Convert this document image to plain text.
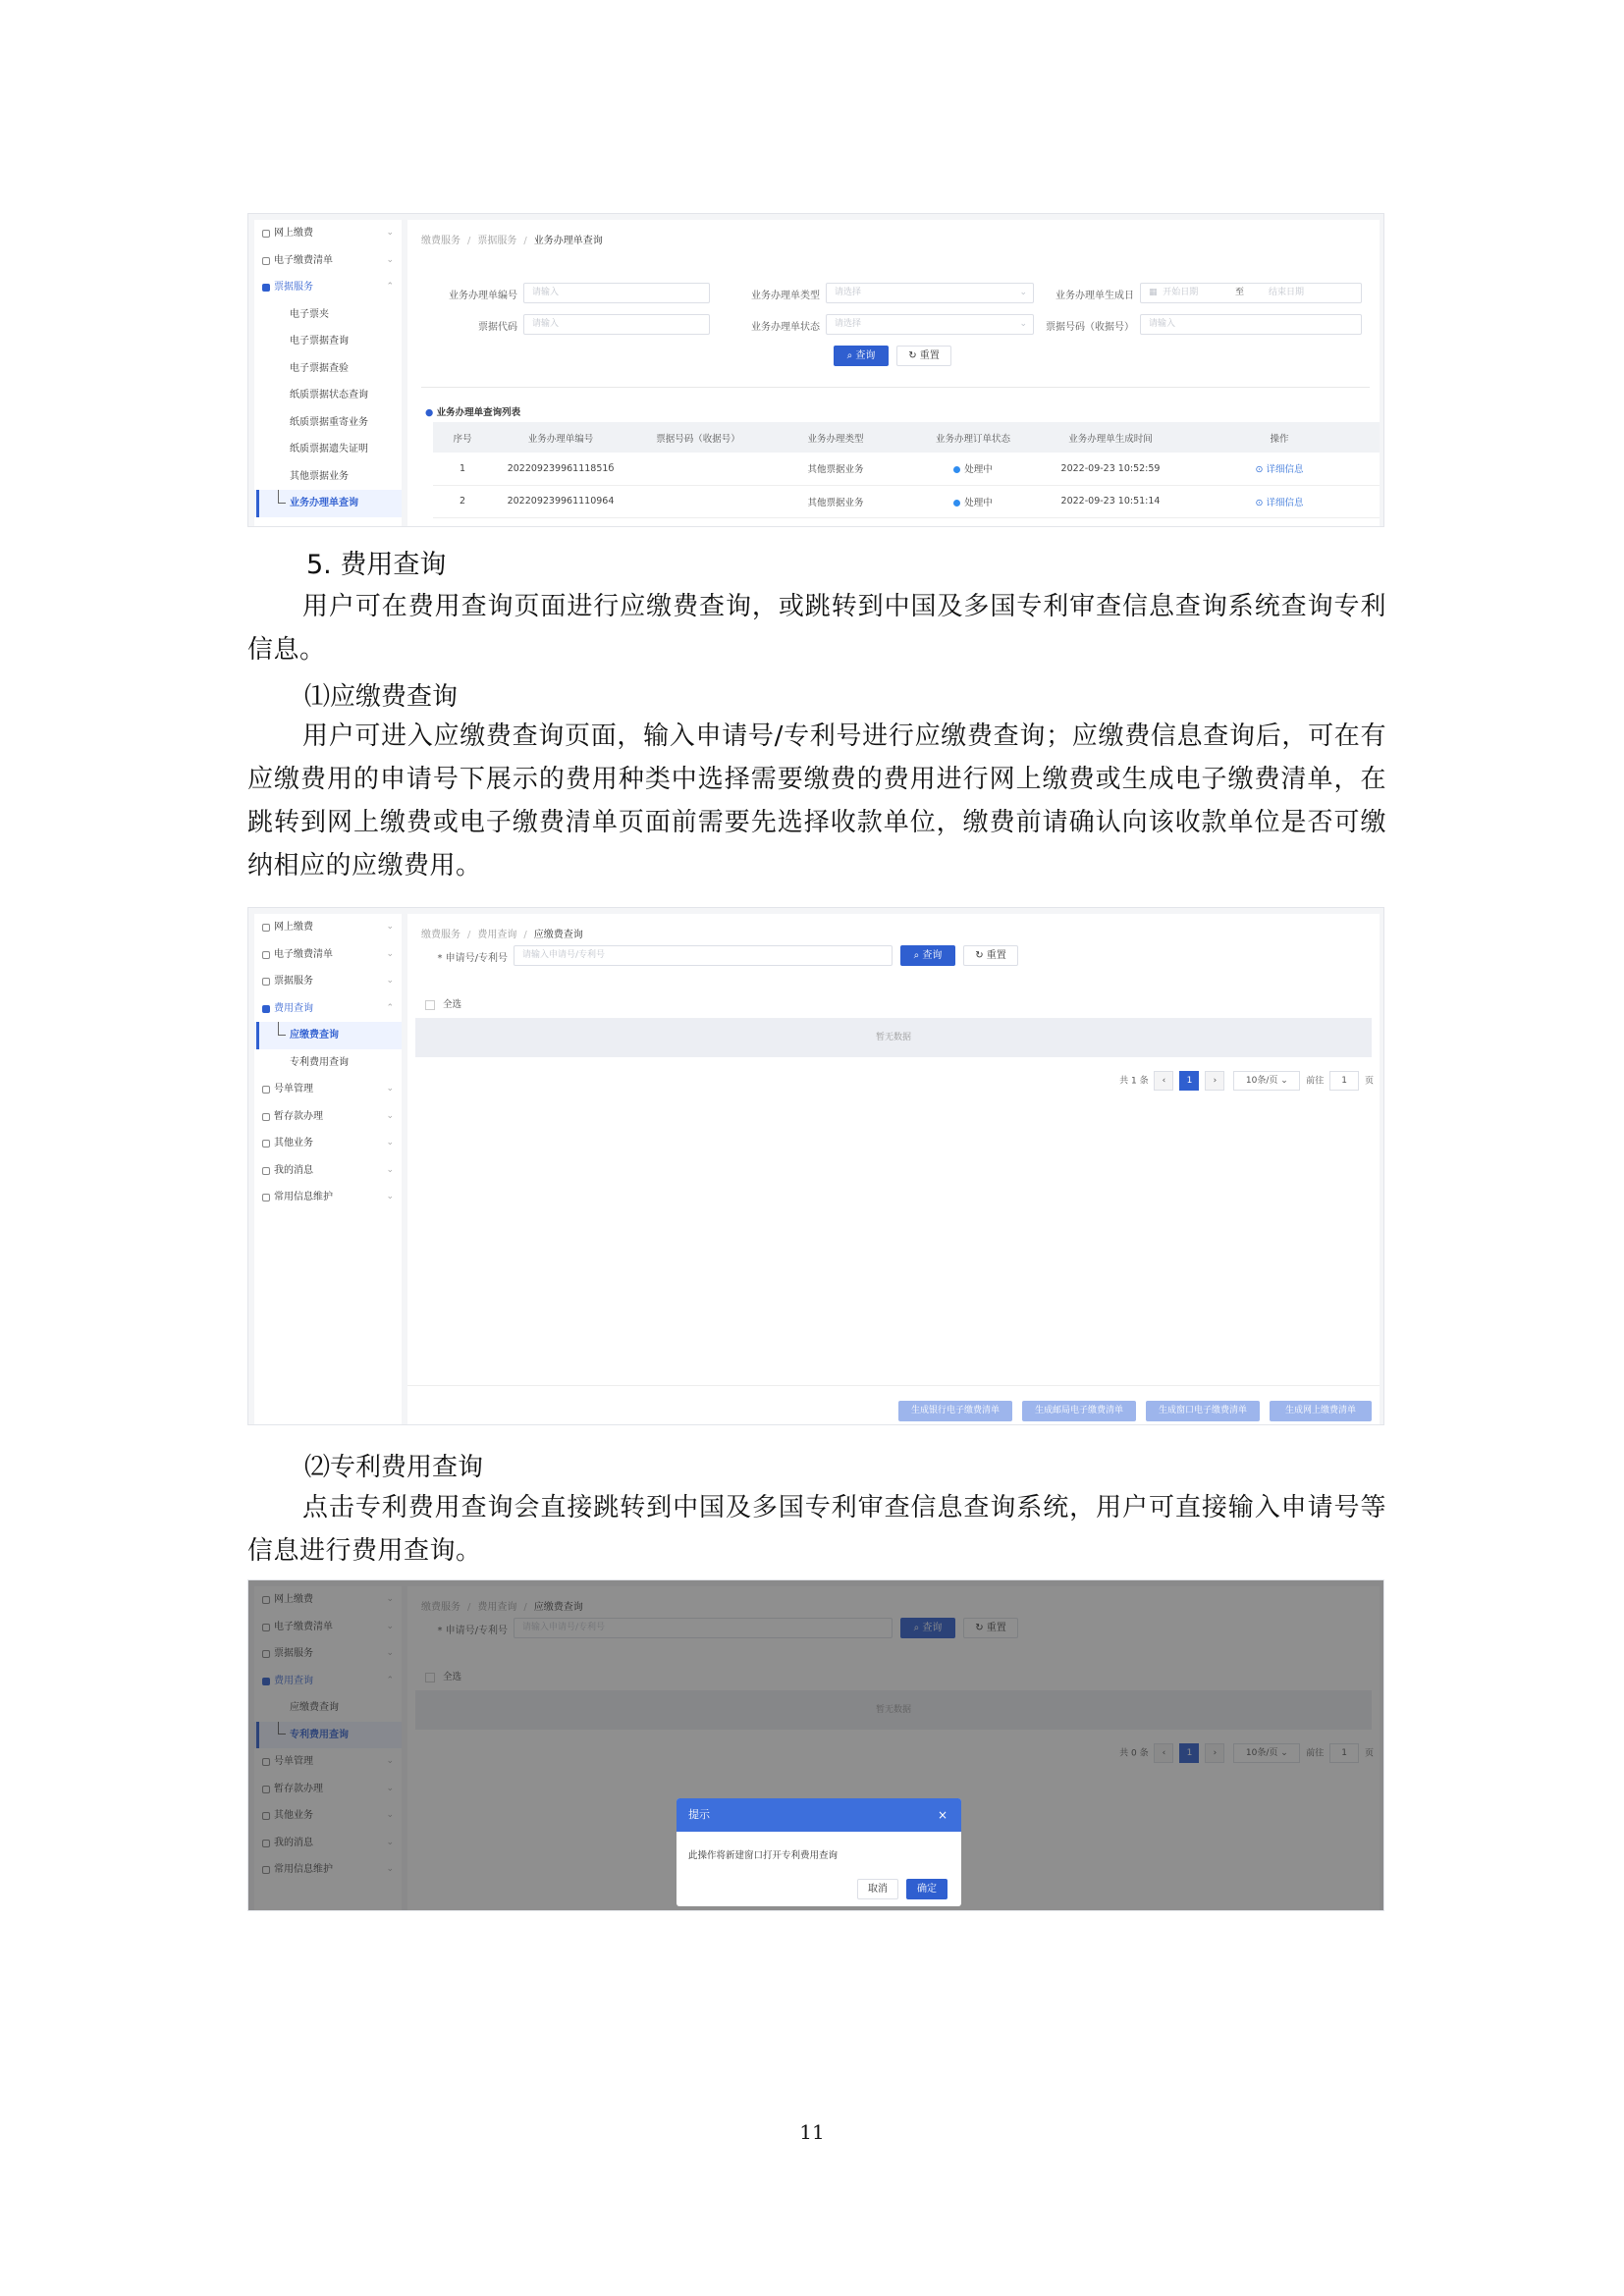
网上缴费	⌄
电子缴费清单	⌄
票据服务	⌃
电子票夹
电子票据查询
电子票据查验
纸质票据状态查询
纸质票据重寄业务
纸质票据遗失证明
其他票据业务
业务办理单查询
缴费服务 / 票据服务 / 业务办理单查询
业务办理单编号	请输入	业务办理单类型	请选择	⌄	业务办理单生成日	▦ 开始日期	至	结束日期
票据代码	请输入	业务办理单状态	请选择	⌄	票据号码（收据号）	请输入
⌕ 查询	↻ 重置
● 业务办理单查询列表
序号	业务办理单编号	票据号码（收据号）	业务办理类型	业务办理订单状态	业务办理单生成时间	操作
1	20220923996111851б		其他票据业务	处理中	2022-09-23 10:52:59	⊙ 详细信息
2	20220923996111096​4		其他票据业务	处理中	2022-09-23 10:51:14	⊙ 详细信息
5. 费用查询
用户可在费用查询页面进行应缴费查询，或跳转到中国及多国专利审查信息查询系统查询专利信息。
⑴应缴费查询
用户可进入应缴费查询页面，输入申请号/专利号进行应缴费查询；应缴费信息查询后，可在有应缴费用的申请号下展示的费用种类中选择需要缴费的费用进行网上缴费或生成电子缴费清单，在跳转到网上缴费或电子缴费清单页面前需要先选择收款单位，缴费前请确认向该收款单位是否可缴纳相应的应缴费用。
网上缴费	⌄
电子缴费清单	⌄
票据服务	⌄
费用查询	⌃
应缴费查询
专利费用查询
号单管理	⌄
暂存款办理	⌄
其他业务	⌄
我的消息	⌄
常用信息维护	⌄
缴费服务 / 费用查询 / 应缴费查询
* 申请号/专利号	请输入申请号/专利号	⌕ 查询	↻ 重置
全选
暂无数据
共 1 条 ‹ 1 ›	10条/页 ⌄ 前往 1 页
生成银行电子缴费清单	生成邮局电子缴费清单	生成窗口电子缴费清单	生成网上缴费清单
⑵专利费用查询
点击专利费用查询会直接跳转到中国及多国专利审查信息查询系统，用户可直接输入申请号等信息进行费用查询。

提示	×
此操作将新建窗口打开专利费用查询
取消	确定
11
